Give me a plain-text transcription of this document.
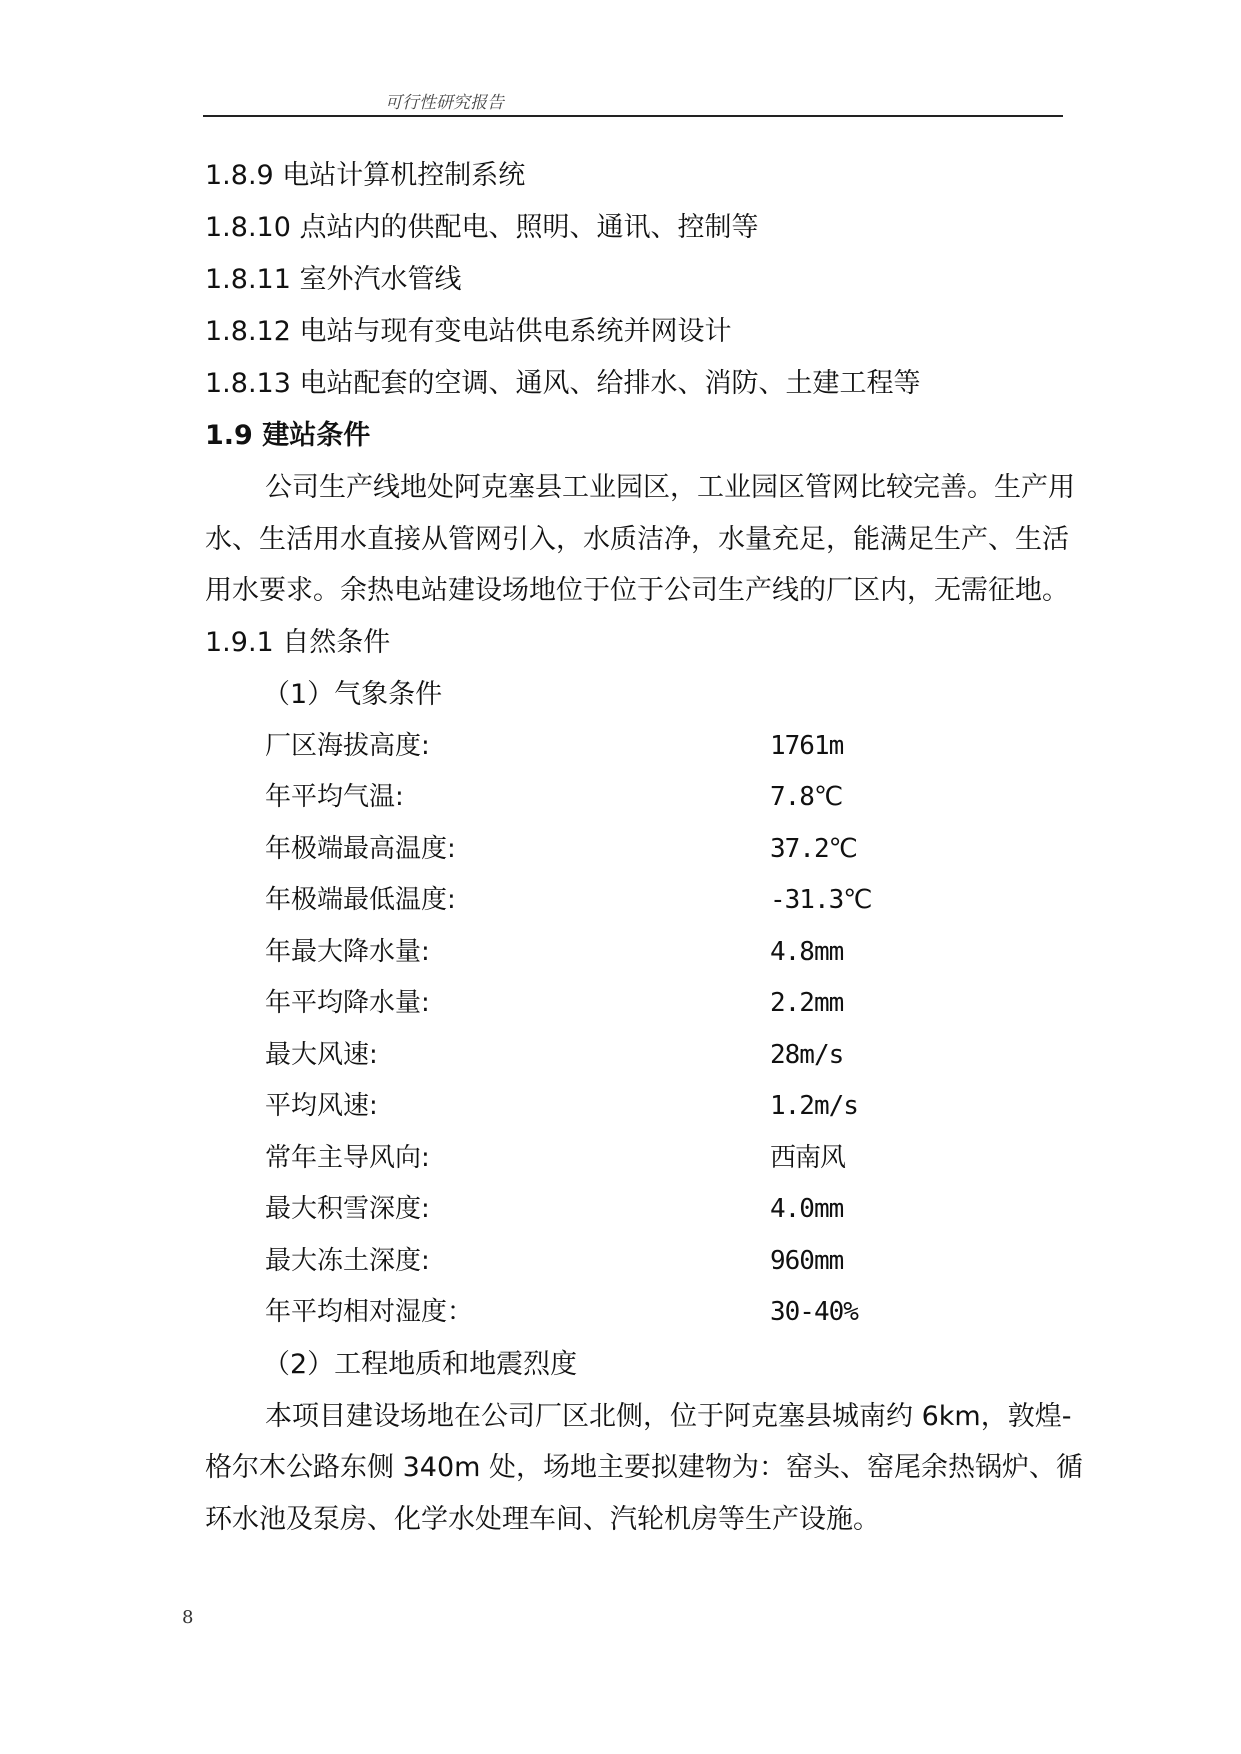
可行性研究报告
1.8.9 电站计算机控制系统
1.8.10 点站内的供配电、照明、通讯、控制等
1.8.11 室外汽水管线
1.8.12 电站与现有变电站供电系统并网设计
1.8.13 电站配套的空调、通风、给排水、消防、土建工程等
1.9 建站条件

公司生产线地处阿克塞县工业园区，工业园区管网比较完善。生产用水、生活用水直接从管网引入，水质洁净，水量充足，能满足生产、生活用水要求。余热电站建设场地位于位于公司生产线的厂区内，无需征地。

1.9.1 自然条件
（1）气象条件
厂区海拔高度:	1761m
年平均气温:	7.8℃
年极端最高温度:	37.2℃
年极端最低温度:	-31.3℃
年最大降水量:	4.8mm
年平均降水量:	2.2mm
最大风速:	28m/s
平均风速:	1.2m/s
常年主导风向:	西南风
最大积雪深度:	4.0mm
最大冻土深度:	960mm
年平均相对湿度：	30-40%
（2）工程地质和地震烈度

本项目建设场地在公司厂区北侧，位于阿克塞县城南约 6km，敦煌-格尔木公路东侧 340m 处，场地主要拟建物为：窑头、窑尾余热锅炉、循环水池及泵房、化学水处理车间、汽轮机房等生产设施。

8
